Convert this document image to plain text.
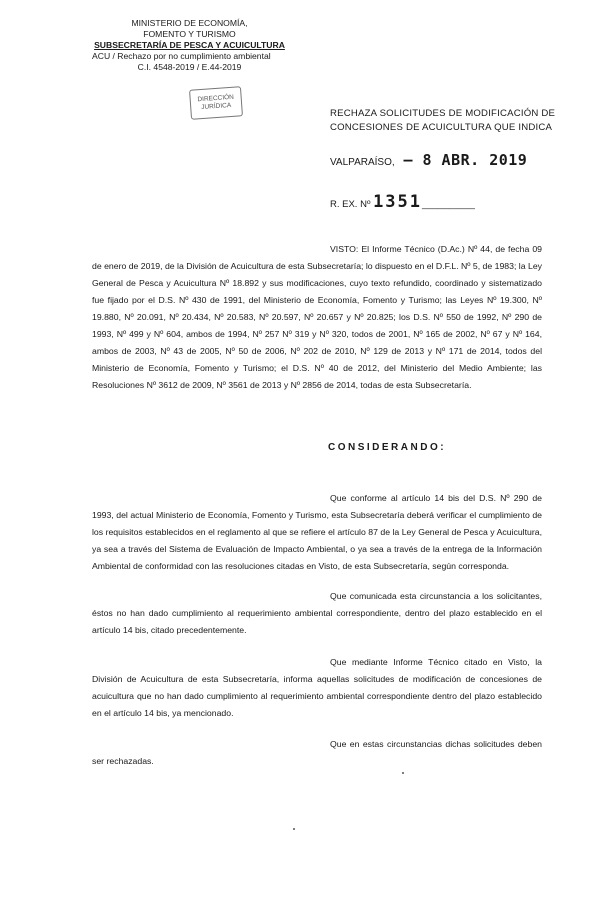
MINISTERIO DE ECONOMÍA,
FOMENTO Y TURISMO
SUBSECRETARÍA DE PESCA Y ACUICULTURA
ACU / Rechazo por no cumplimiento ambiental
C.I. 4548-2019 / E.44-2019
DIRECCIÓN
JURÍDICA
RECHAZA SOLICITUDES DE MODIFICACIÓN DE CONCESIONES DE ACUICULTURA QUE INDICA
VALPARAÍSO, – 8 ABR. 2019
R. EX. Nº 1351__________
VISTO: El Informe Técnico (D.Ac.) Nº 44, de fecha 09 de enero de 2019, de la División de Acuicultura de esta Subsecretaría; lo dispuesto en el D.F.L. Nº 5, de 1983; la Ley General de Pesca y Acuicultura Nº 18.892 y sus modificaciones, cuyo texto refundido, coordinado y sistematizado fue fijado por el D.S. Nº 430 de 1991, del Ministerio de Economía, Fomento y Turismo; las Leyes Nº 19.300, Nº 19.880, Nº 20.091, Nº 20.434, Nº 20.583, Nº 20.597, Nº 20.657 y Nº 20.825; los D.S. Nº 550 de 1992, Nº 290 de 1993, Nº 499 y Nº 604, ambos de 1994, Nº 257 Nº 319 y Nº 320, todos de 2001, Nº 165 de 2002, Nº 67 y Nº 164, ambos de 2003, Nº 43 de 2005, Nº 50 de 2006, Nº 202 de 2010, Nº 129 de 2013 y Nº 171 de 2014, todos del Ministerio de Economía, Fomento y Turismo; el D.S. Nº 40 de 2012, del Ministerio del Medio Ambiente; las Resoluciones Nº 3612 de 2009, Nº 3561 de 2013 y Nº 2856 de 2014, todas de esta Subsecretaría.
CONSIDERANDO:
Que conforme al artículo 14 bis del D.S. Nº 290 de 1993, del actual Ministerio de Economía, Fomento y Turismo, esta Subsecretaría deberá verificar el cumplimiento de los requisitos establecidos en el reglamento al que se refiere el artículo 87 de la Ley General de Pesca y Acuicultura, ya sea a través del Sistema de Evaluación de Impacto Ambiental, o ya sea a través de la entrega de la Información Ambiental de conformidad con las resoluciones citadas en Visto, de esta Subsecretaría, según corresponda.
Que comunicada esta circunstancia a los solicitantes, éstos no han dado cumplimiento al requerimiento ambiental correspondiente, dentro del plazo establecido en el artículo 14 bis, citado precedentemente.
Que mediante Informe Técnico citado en Visto, la División de Acuicultura de esta Subsecretaría, informa aquellas solicitudes de modificación de concesiones de acuicultura que no han dado cumplimiento al requerimiento ambiental correspondiente dentro del plazo establecido en el artículo 14 bis, ya mencionado.
Que en estas circunstancias dichas solicitudes deben ser rechazadas.
